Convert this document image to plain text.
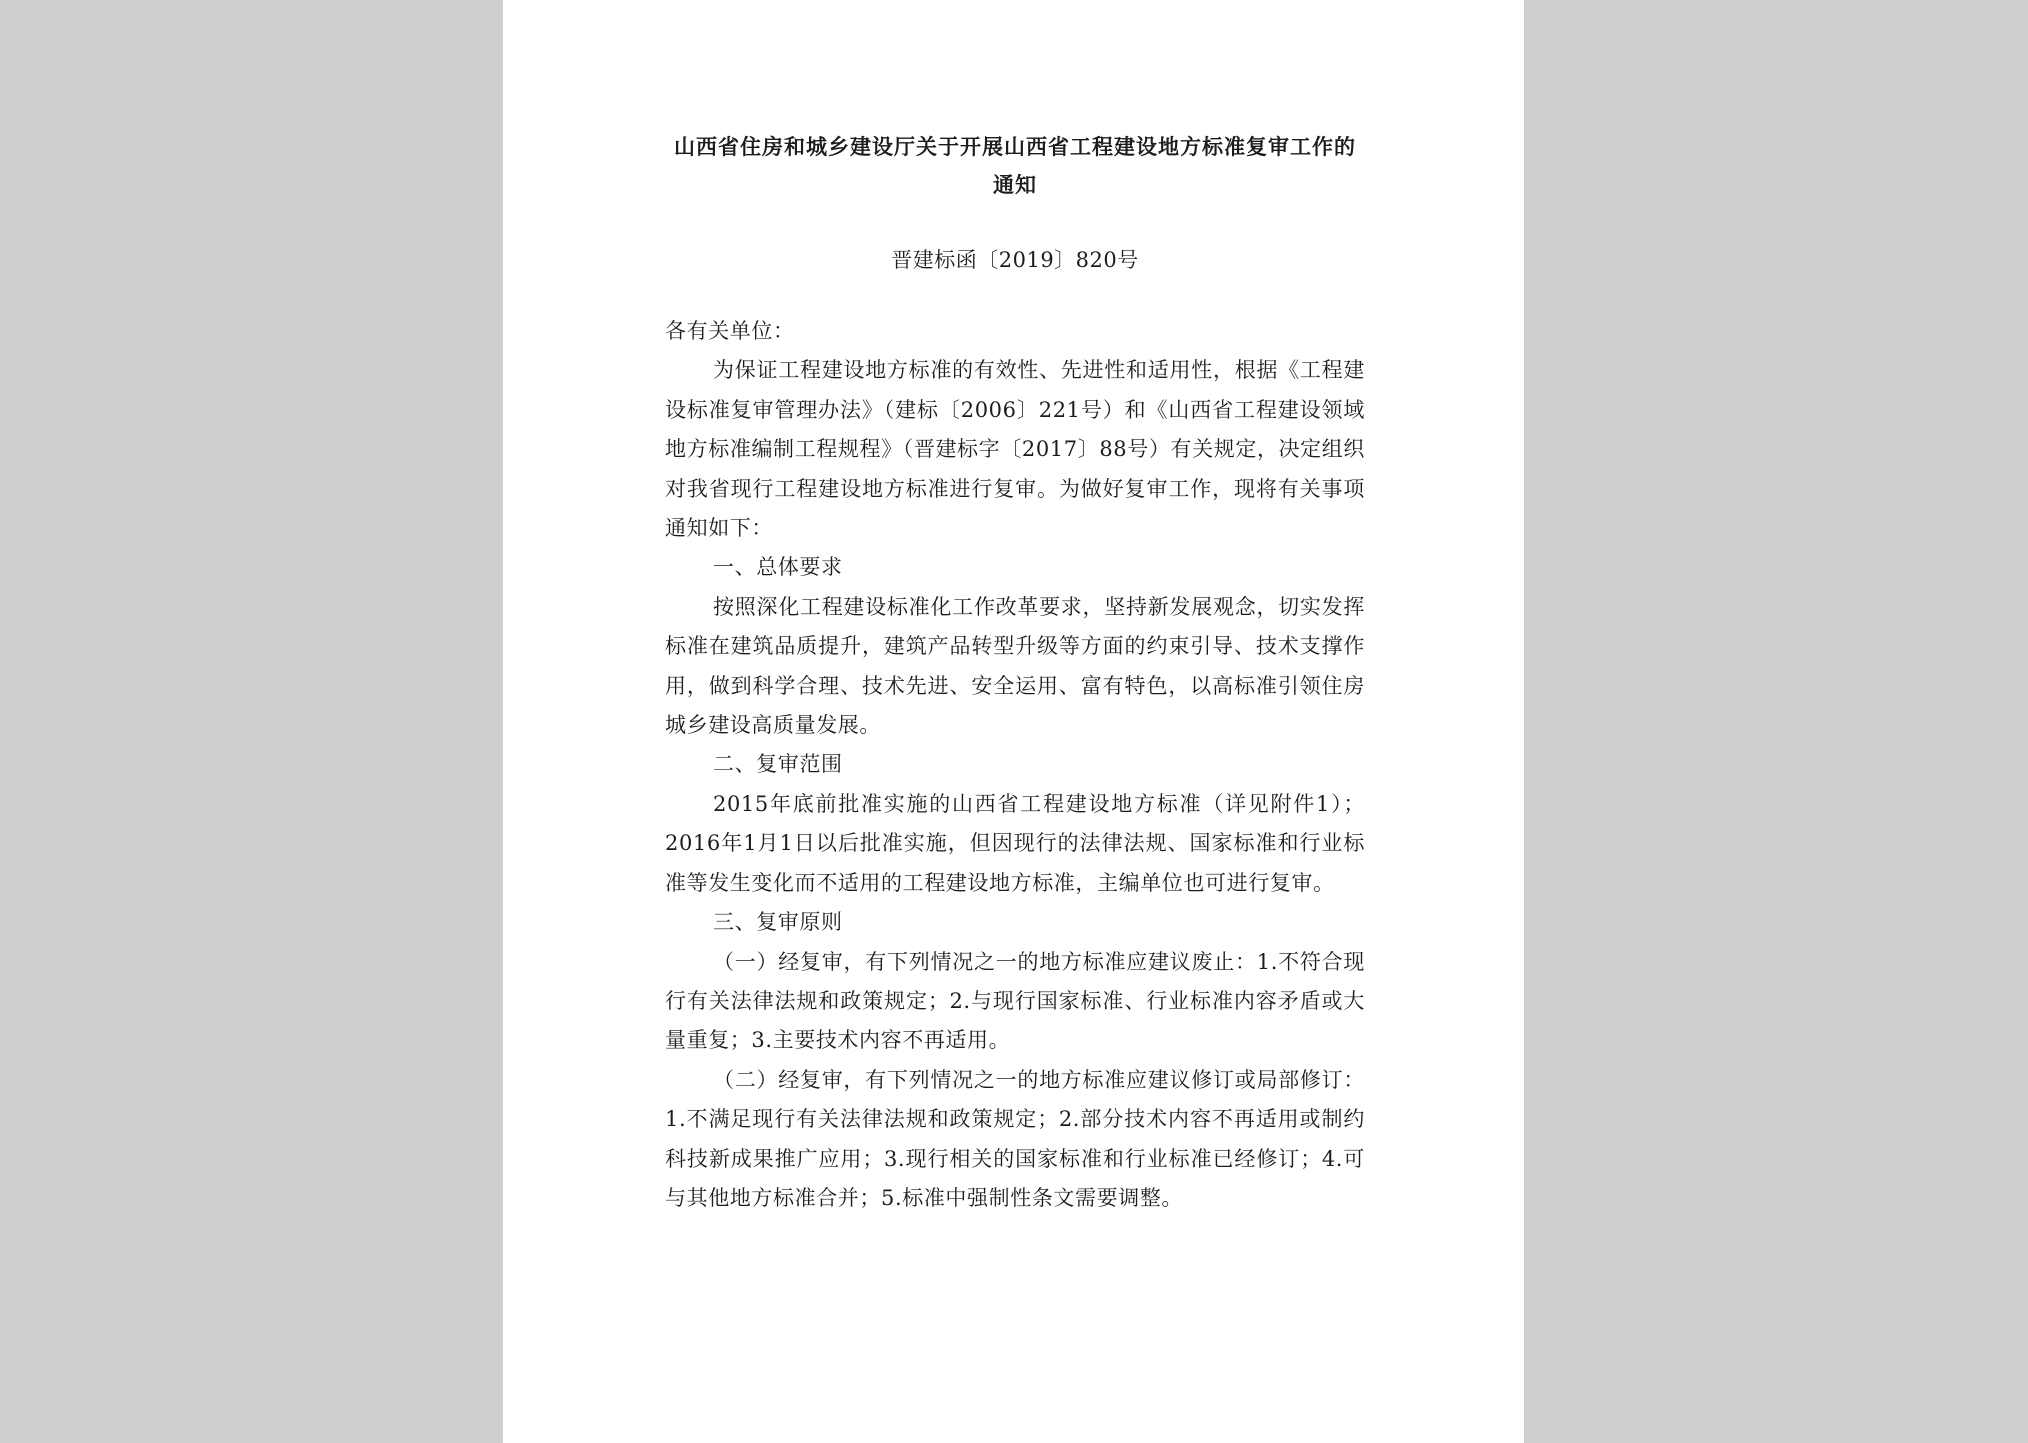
山西省住房和城乡建设厅关于开展山西省工程建设地方标准复审工作的通知
晋建标函〔2019〕820号

各有关单位：

为保证工程建设地方标准的有效性、先进性和适用性，根据《工程建设标准复审管理办法》（建标〔2006〕221号）和《山西省工程建设领域地方标准编制工程规程》（晋建标字〔2017〕88号）有关规定，决定组织对我省现行工程建设地方标准进行复审。为做好复审工作，现将有关事项通知如下：

一、总体要求

按照深化工程建设标准化工作改革要求，坚持新发展观念，切实发挥标准在建筑品质提升，建筑产品转型升级等方面的约束引导、技术支撑作用，做到科学合理、技术先进、安全运用、富有特色，以高标准引领住房城乡建设高质量发展。

二、复审范围

2015年底前批准实施的山西省工程建设地方标准（详见附件1）；2016年1月1日以后批准实施，但因现行的法律法规、国家标准和行业标准等发生变化而不适用的工程建设地方标准，主编单位也可进行复审。

三、复审原则

（一）经复审，有下列情况之一的地方标准应建议废止：1.不符合现行有关法律法规和政策规定；2.与现行国家标准、行业标准内容矛盾或大量重复；3.主要技术内容不再适用。

（二）经复审，有下列情况之一的地方标准应建议修订或局部修订：1.不满足现行有关法律法规和政策规定；2.部分技术内容不再适用或制约科技新成果推广应用；3.现行相关的国家标准和行业标准已经修订；4.可与其他地方标准合并；5.标准中强制性条文需要调整。
